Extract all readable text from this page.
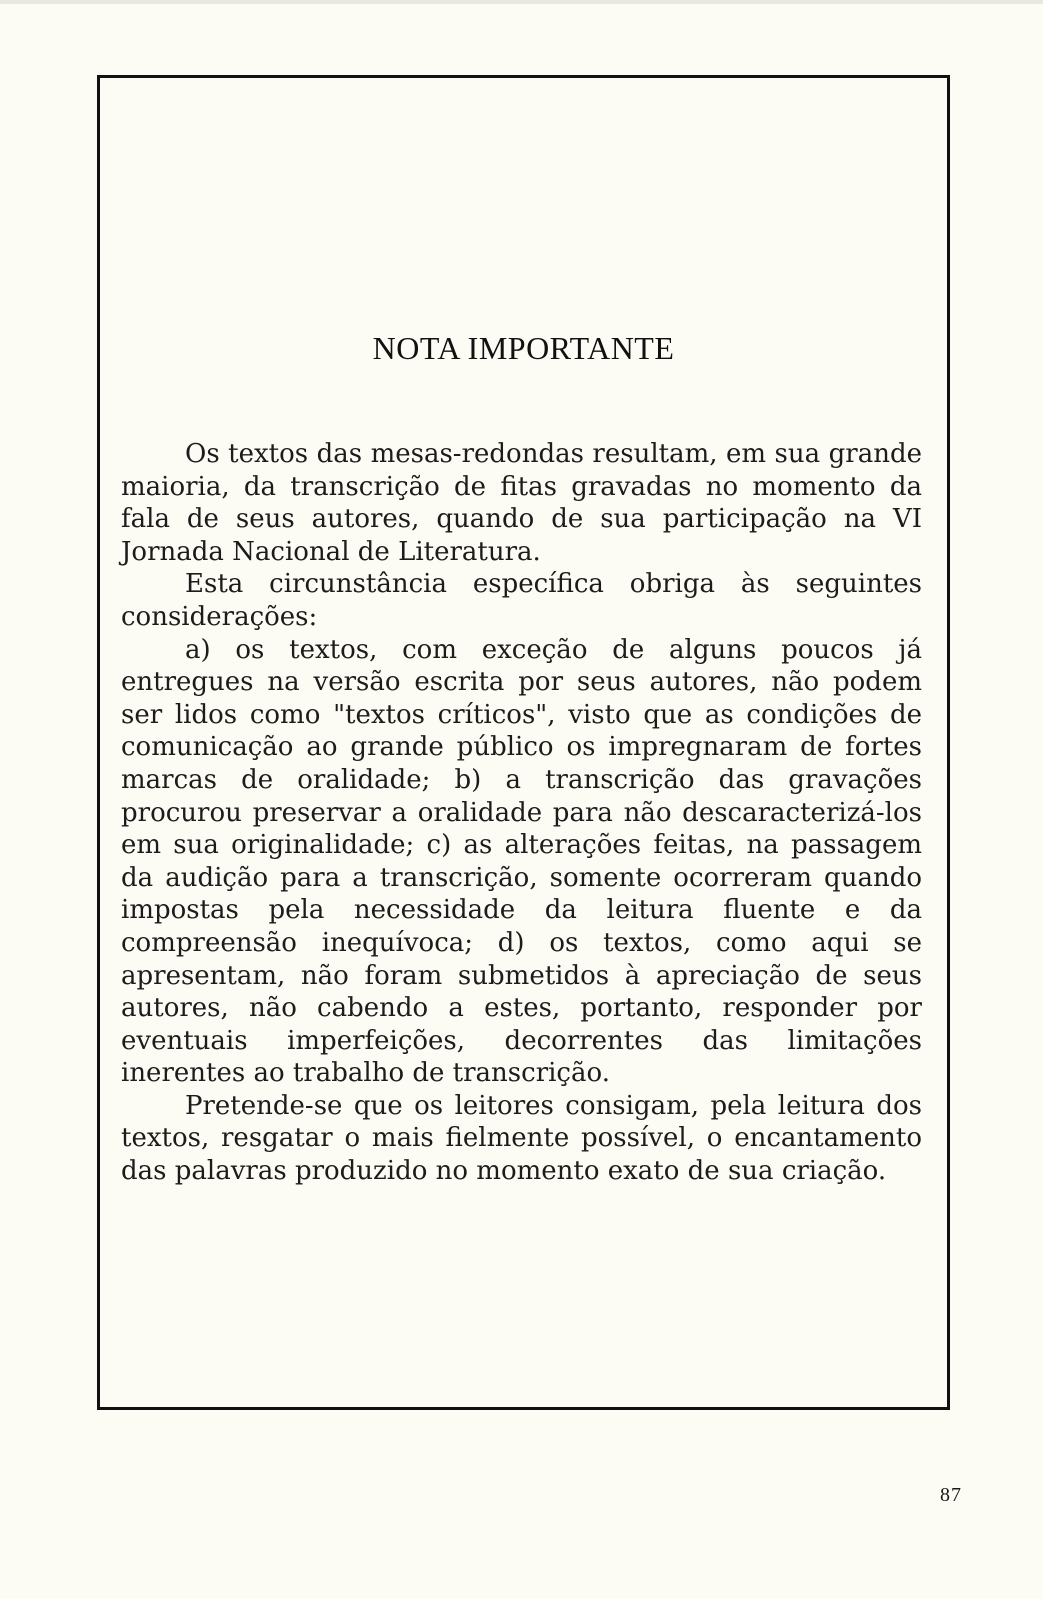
NOTA IMPORTANTE

Os textos das mesas-redondas resultam, em sua grande maioria, da transcrição de fitas gravadas no momento da fala de seus autores, quando de sua participação na VI Jornada Nacional de Literatura.

Esta circunstância específica obriga às seguintes considerações:

a) os textos, com exceção de alguns poucos já entregues na versão escrita por seus autores, não podem ser lidos como "textos críticos", visto que as condições de comunicação ao grande público os impregnaram de fortes marcas de oralidade; b) a transcrição das gravações procurou preservar a oralidade para não descaracterizá-los em sua originalidade; c) as alterações feitas, na passagem da audição para a transcrição, somente ocorreram quando impostas pela necessidade da leitura fluente e da compreensão inequívoca; d) os textos, como aqui se apresentam, não foram submetidos à apreciação de seus autores, não cabendo a estes, portanto, responder por eventuais imperfeições, decorrentes das limitações inerentes ao trabalho de transcrição.

Pretende-se que os leitores consigam, pela leitura dos textos, resgatar o mais fielmente possível, o encantamento das palavras produzido no momento exato de sua criação.

87
